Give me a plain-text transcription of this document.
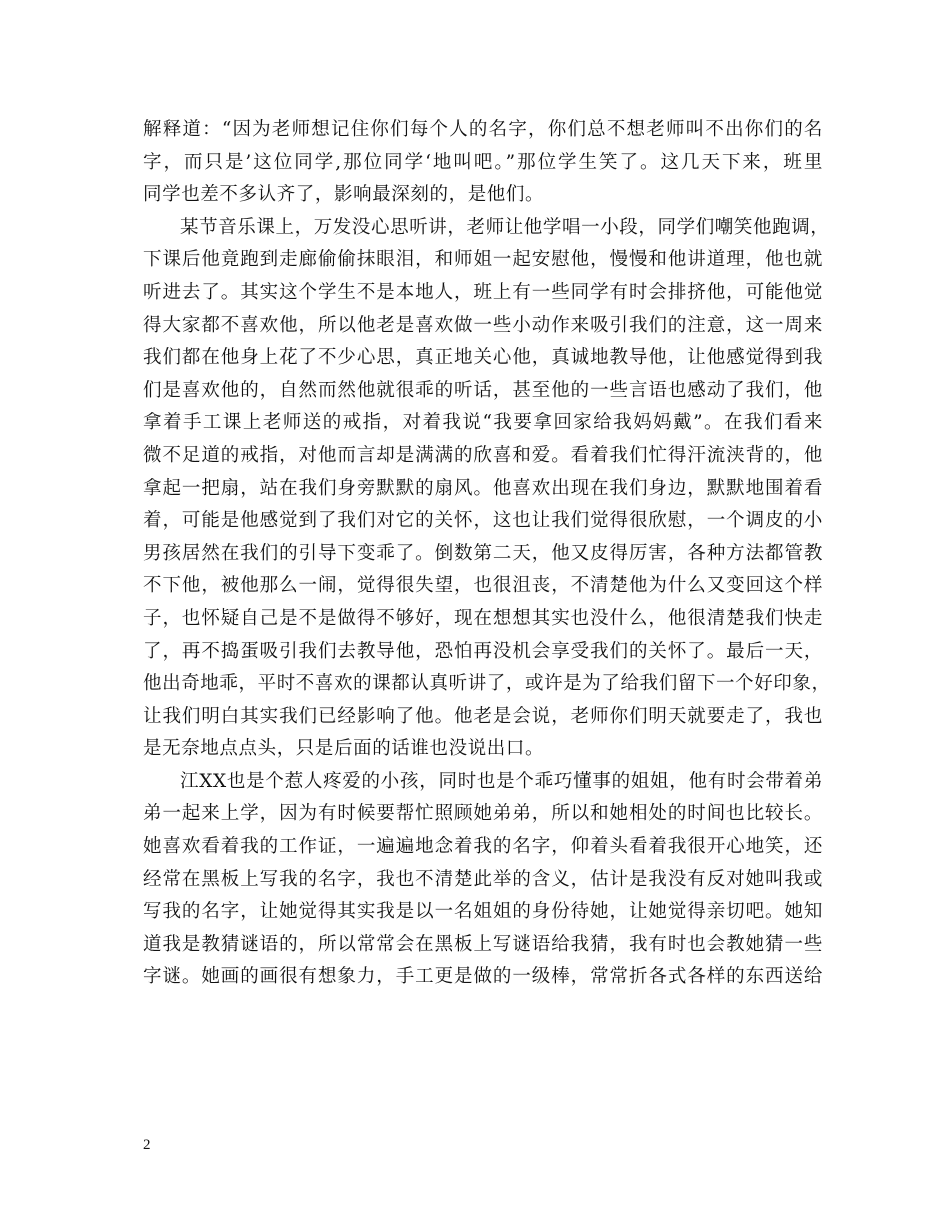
解释道：“因为老师想记住你们每个人的名字，你们总不想老师叫不出你们的名
字，而只是’这位同学,那位同学‘地叫吧。”那位学生笑了。这几天下来，班里
同学也差不多认齐了，影响最深刻的，是他们。
某节音乐课上，万发没心思听讲，老师让他学唱一小段，同学们嘲笑他跑调，
下课后他竟跑到走廊偷偷抹眼泪，和师姐一起安慰他，慢慢和他讲道理，他也就
听进去了。其实这个学生不是本地人，班上有一些同学有时会排挤他，可能他觉
得大家都不喜欢他，所以他老是喜欢做一些小动作来吸引我们的注意，这一周来
我们都在他身上花了不少心思，真正地关心他，真诚地教导他，让他感觉得到我
们是喜欢他的，自然而然他就很乖的听话，甚至他的一些言语也感动了我们，他
拿着手工课上老师送的戒指，对着我说“我要拿回家给我妈妈戴”。在我们看来
微不足道的戒指，对他而言却是满满的欣喜和爱。看着我们忙得汗流浃背的，他
拿起一把扇，站在我们身旁默默的扇风。他喜欢出现在我们身边，默默地围着看
着，可能是他感觉到了我们对它的关怀，这也让我们觉得很欣慰，一个调皮的小
男孩居然在我们的引导下变乖了。倒数第二天，他又皮得厉害，各种方法都管教
不下他，被他那么一闹，觉得很失望，也很沮丧，不清楚他为什么又变回这个样
子，也怀疑自己是不是做得不够好，现在想想其实也没什么，他很清楚我们快走
了，再不捣蛋吸引我们去教导他，恐怕再没机会享受我们的关怀了。最后一天，
他出奇地乖，平时不喜欢的课都认真听讲了，或许是为了给我们留下一个好印象，
让我们明白其实我们已经影响了他。他老是会说，老师你们明天就要走了，我也
是无奈地点点头，只是后面的话谁也没说出口。
江XX也是个惹人疼爱的小孩，同时也是个乖巧懂事的姐姐，他有时会带着弟
弟一起来上学，因为有时候要帮忙照顾她弟弟，所以和她相处的时间也比较长。
她喜欢看着我的工作证，一遍遍地念着我的名字，仰着头看着我很开心地笑，还
经常在黑板上写我的名字，我也不清楚此举的含义，估计是我没有反对她叫我或
写我的名字，让她觉得其实我是以一名姐姐的身份待她，让她觉得亲切吧。她知
道我是教猜谜语的，所以常常会在黑板上写谜语给我猜，我有时也会教她猜一些
字谜。她画的画很有想象力，手工更是做的一级棒，常常折各式各样的东西送给
2
